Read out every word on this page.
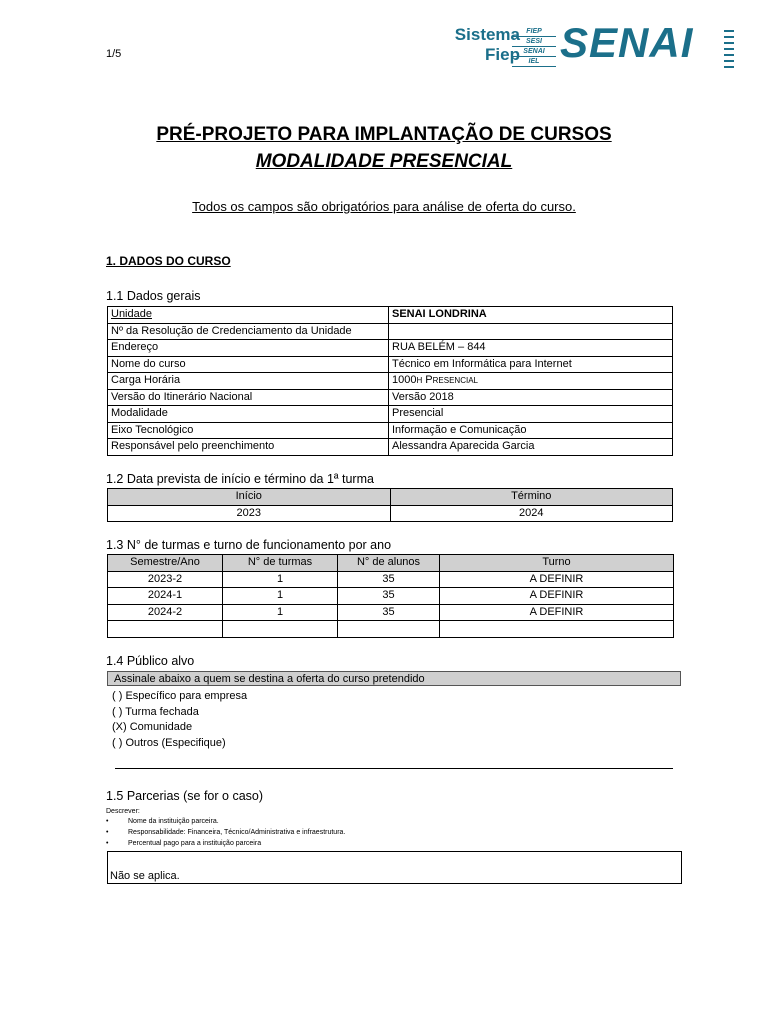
1/5
Sistema
Fiep
FIEP
SESI
SENAI
IEL SENAI
PRÉ-PROJETO PARA IMPLANTAÇÃO DE CURSOS
MODALIDADE PRESENCIAL
Todos os campos são obrigatórios para análise de oferta do curso.
1. DADOS DO CURSO
1.1 Dados gerais
Unidade	SENAI LONDRINA
Nº da Resolução de Credenciamento da Unidade	
Endereço	RUA BELÉM – 844
Nome do curso	Técnico em Informática para Internet
Carga Horária	1000h Presencial
Versão do Itinerário Nacional	Versão 2018
Modalidade	Presencial
Eixo Tecnológico	Informação e Comunicação
Responsável pelo preenchimento	Alessandra Aparecida Garcia
1.2 Data prevista de início e término da 1ª turma
Início	Término
2023	2024
1.3 N° de turmas e turno de funcionamento por ano
Semestre/Ano	N° de turmas	N° de alunos	Turno
2023-2	1	35	A DEFINIR
2024-1	1	35	A DEFINIR
2024-2	1	35	A DEFINIR

1.4 Público alvo
Assinale abaixo a quem se destina a oferta do curso pretendido
( ) Específico para empresa
( ) Turma fechada
(X) Comunidade
( ) Outros (Especifique)
1.5 Parcerias (se for o caso)
Descrever:
•	Nome da instituição parceira.
•	Responsabilidade: Financeira, Técnico/Administrativa e infraestrutura.
•	Percentual pago para a instituição parceira
Não se aplica.
